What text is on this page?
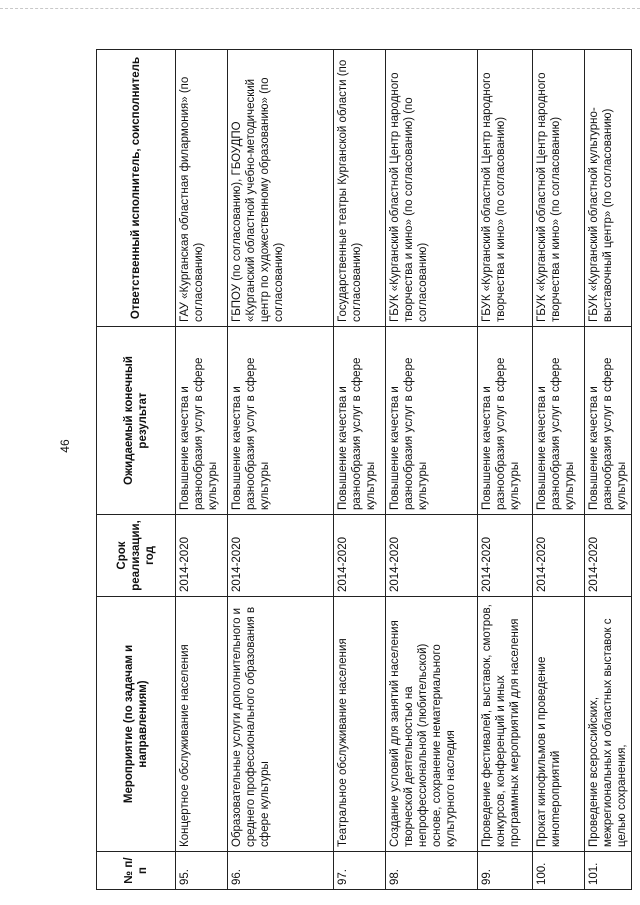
46
№ п/п	Мероприятие (по задачам и направлениям)	Срок реализации, год	Ожидаемый конечный результат	Ответственный исполнитель, соисполнитель
95.	Концертное обслуживание населения	2014-2020	Повышение качества и разнообразия услуг в сфере культуры	ГАУ «Курганская областная филармония» (по согласованию)
96.	Образовательные услуги дополнительного и среднего профессионального образования в сфере культуры	2014-2020	Повышение качества и разнообразия услуг в сфере культуры	ГБПОУ (по согласованию), ГБОУДПО «Курганский областной учебно-методический центр по художественному образованию» (по согласованию)
97.	Театральное обслуживание населения	2014-2020	Повышение качества и разнообразия услуг в сфере культуры	Государственные театры Курганской области (по согласованию)
98.	Создание условий для занятий населения творческой деятельностью на непрофессиональной (любительской) основе, сохранение нематериального культурного наследия	2014-2020	Повышение качества и разнообразия услуг в сфере культуры	ГБУК «Курганский областной Центр народного творчества и кино» (по согласованию) (по согласованию)
99.	Проведение фестивалей, выставок, смотров, конкурсов, конференций и иных программных мероприятий для населения	2014-2020	Повышение качества и разнообразия услуг в сфере культуры	ГБУК «Курганский областной Центр народного творчества и кино» (по согласованию)
100.	Прокат кинофильмов и проведение кинomероприятий	2014-2020	Повышение качества и разнообразия услуг в сфере культуры	ГБУК «Курганский областной Центр народного творчества и кино» (по согласованию)
101.	Проведение всероссийских, межрегиональных и областных выставок с целью сохранения,	2014-2020	Повышение качества и разнообразия услуг в сфере культуры	ГБУК «Курганский областной культурно-выставочный центр» (по согласованию)
